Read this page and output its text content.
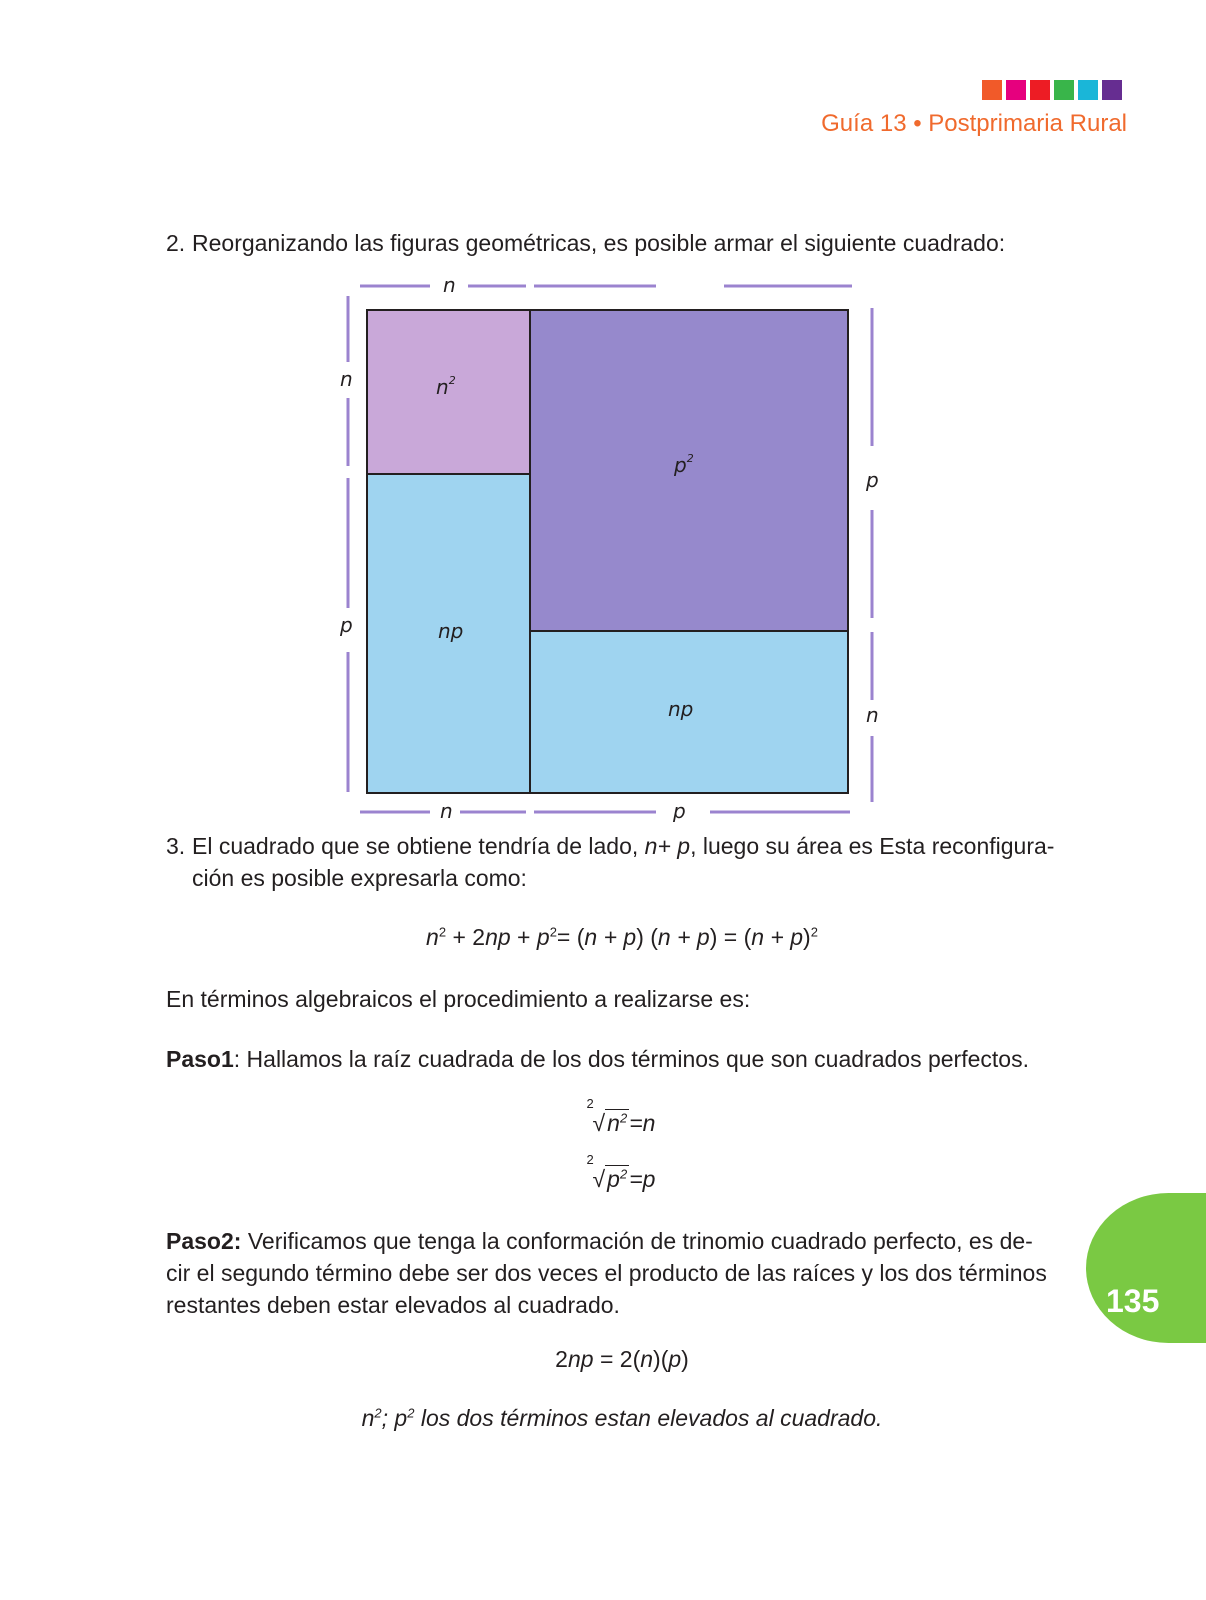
Guía 13 • Postprimaria Rural
2. Reorganizando las figuras geométricas, es posible armar el siguiente cuadrado:
n
n	p
n
p
p
n
$n^2$
$p^2$
np
np
3. El cuadrado que se obtiene tendría de lado, n+ p, luego su área es Esta reconfigura-
ción es posible expresarla como:
$n^2 + 2np + p^2= (n + p) (n + p) = (n + p)^2$
En términos algebraicos el procedimiento a realizarse es:
Paso1: Hallamos la raíz cuadrada de los dos términos que son cuadrados perfectos.
2
$√n^2=n$
2
$√p^2=p$
Paso2: Verificamos que tenga la conformación de trinomio cuadrado perfecto, es de-
cir el segundo término debe ser dos veces el producto de las raíces y los dos términos
restantes deben estar elevados al cuadrado.
2np = 2(n)(p)
$n^2$; $p^2$ los dos términos estan elevados al cuadrado.
135
